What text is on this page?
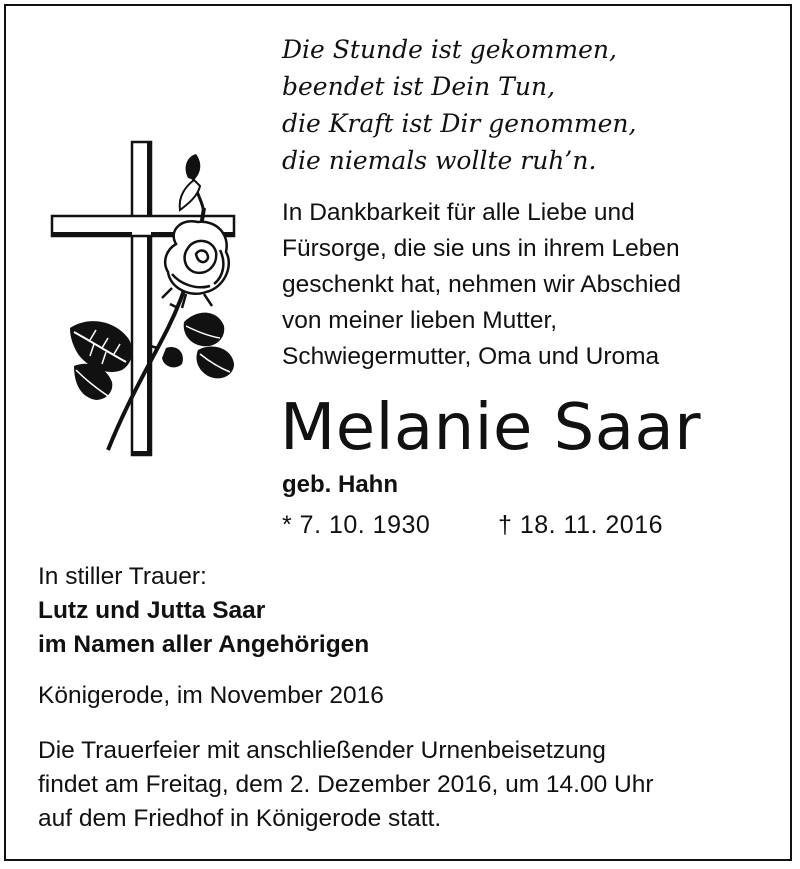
Die Stunde ist gekommen,
beendet ist Dein Tun,
die Kraft ist Dir genommen,
die niemals wollte ruh’n.
In Dankbarkeit für alle Liebe und
Fürsorge, die sie uns in ihrem Leben
geschenkt hat, nehmen wir Abschied
von meiner lieben Mutter,
Schwiegermutter, Oma und Uroma
Melanie Saar
geb. Hahn
* 7. 10. 1930	† 18. 11. 2016
In stiller Trauer:
Lutz und Jutta Saar
im Namen aller Angehörigen
Königerode, im November 2016
Die Trauerfeier mit anschließender Urnenbeisetzung
findet am Freitag, dem 2. Dezember 2016, um 14.00 Uhr
auf dem Friedhof in Königerode statt.
